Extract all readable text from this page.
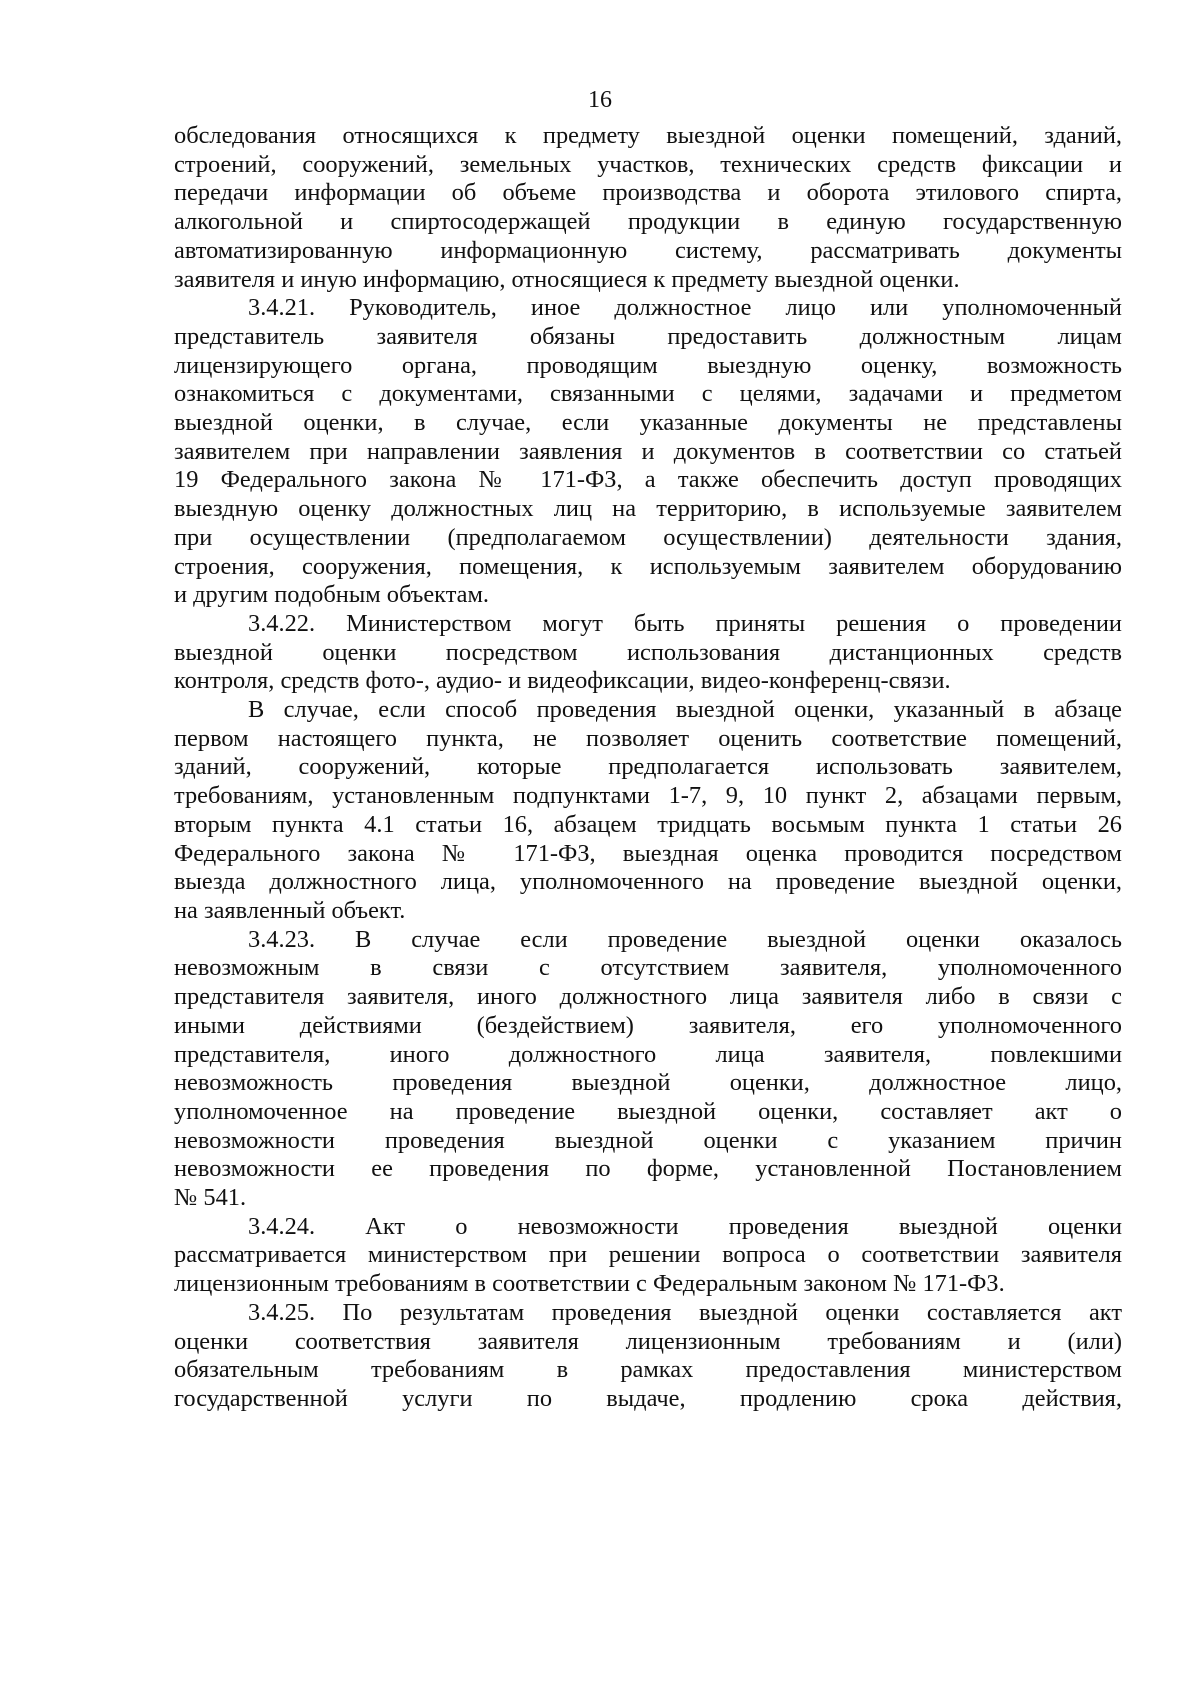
16
обследования относящихся к предмету выездной оценки помещений, зданий,
строений, сооружений, земельных участков, технических средств фиксации и
передачи информации об объеме производства и оборота этилового спирта,
алкогольной и спиртосодержащей продукции в единую государственную
автоматизированную информационную систему, рассматривать документы
заявителя и иную информацию, относящиеся к предмету выездной оценки.
3.4.21. Руководитель, иное должностное лицо или уполномоченный
представитель заявителя обязаны предоставить должностным лицам
лицензирующего органа, проводящим выездную оценку, возможность
ознакомиться с документами, связанными с целями, задачами и предметом
выездной оценки, в случае, если указанные документы не представлены
заявителем при направлении заявления и документов в соответствии со статьей
19 Федерального закона № 171-ФЗ, а также обеспечить доступ проводящих
выездную оценку должностных лиц на территорию, в используемые заявителем
при осуществлении (предполагаемом осуществлении) деятельности здания,
строения, сооружения, помещения, к используемым заявителем оборудованию
и другим подобным объектам.
3.4.22. Министерством могут быть приняты решения о проведении
выездной оценки посредством использования дистанционных средств
контроля, средств фото-, аудио- и видеофиксации, видео-конференц-связи.
В случае, если способ проведения выездной оценки, указанный в абзаце
первом настоящего пункта, не позволяет оценить соответствие помещений,
зданий, сооружений, которые предполагается использовать заявителем,
требованиям, установленным подпунктами 1-7, 9, 10 пункт 2, абзацами первым,
вторым пункта 4.1 статьи 16, абзацем тридцать восьмым пункта 1 статьи 26
Федерального закона № 171-ФЗ, выездная оценка проводится посредством
выезда должностного лица, уполномоченного на проведение выездной оценки,
на заявленный объект.
3.4.23. В случае если проведение выездной оценки оказалось
невозможным в связи с отсутствием заявителя, уполномоченного
представителя заявителя, иного должностного лица заявителя либо в связи с
иными действиями (бездействием) заявителя, его уполномоченного
представителя, иного должностного лица заявителя, повлекшими
невозможность проведения выездной оценки, должностное лицо,
уполномоченное на проведение выездной оценки, составляет акт о
невозможности проведения выездной оценки с указанием причин
невозможности ее проведения по форме, установленной Постановлением
№ 541.
3.4.24. Акт о невозможности проведения выездной оценки
рассматривается министерством при решении вопроса о соответствии заявителя
лицензионным требованиям в соответствии с Федеральным законом № 171-ФЗ.
3.4.25. По результатам проведения выездной оценки составляется акт
оценки соответствия заявителя лицензионным требованиям и (или)
обязательным требованиям в рамках предоставления министерством
государственной услуги по выдаче, продлению срока действия,
